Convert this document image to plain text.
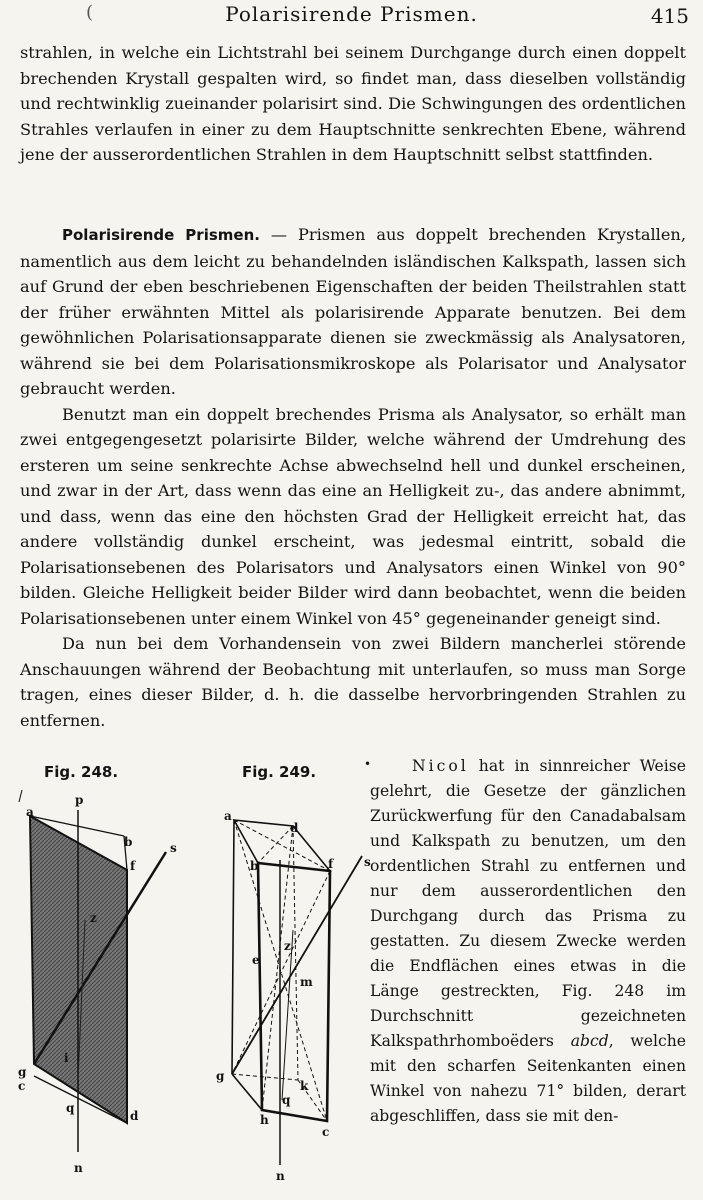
(	Polarisirende Prismen.	415

strahlen, in welche ein Lichtstrahl bei seinem Durchgange durch einen doppelt brechenden Krystall gespalten wird, so findet man, dass dieselben vollständig und rechtwinklig zueinander polarisirt sind. Die Schwingungen des ordentlichen Strahles verlaufen in einer zu dem Hauptschnitte senkrechten Ebene, während jene der ausserordentlichen Strahlen in dem Hauptschnitt selbst stattfinden.

Polarisirende Prismen. — Prismen aus doppelt brechenden Krystallen, namentlich aus dem leicht zu behandelnden isländischen Kalkspath, lassen sich auf Grund der eben beschriebenen Eigenschaften der beiden Theilstrahlen statt der früher erwähnten Mittel als polarisirende Apparate benutzen. Bei dem gewöhnlichen Polarisationsapparate dienen sie zweckmässig als Analysatoren, während sie bei dem Polarisationsmikroskope als Polarisator und Analysator gebraucht werden.

Benutzt man ein doppelt brechendes Prisma als Analysator, so erhält man zwei entgegengesetzt polarisirte Bilder, welche während der Umdrehung des ersteren um seine senkrechte Achse abwechselnd hell und dunkel erscheinen, und zwar in der Art, dass wenn das eine an Helligkeit zu-, das andere abnimmt, und dass, wenn das eine den höchsten Grad der Helligkeit erreicht hat, das andere vollständig dunkel erscheint, was jedesmal eintritt, sobald die Polarisationsebenen des Polarisators und Analysators einen Winkel von 90° bilden. Gleiche Helligkeit beider Bilder wird dann beobachtet, wenn die beiden Polarisationsebenen unter einem Winkel von 45° gegeneinander geneigt sind.

Da nun bei dem Vorhandensein von zwei Bildern mancherlei störende Anschauungen während der Beobachtung mit unterlaufen, so muss man Sorge tragen, eines dieser Bilder, d. h. die dasselbe hervorbringenden Strahlen zu entfernen.

Fig. 248.	Fig. 249.	•
p
a
b
f
s
z
i
g
c
q
d
n
a
d
b	f	s
z
e
m
g
k
q
h
c
n

Nicol hat in sinnreicher Weise gelehrt, die Gesetze der gänzlichen Zurückwerfung für den Canadabalsam und Kalkspath zu benutzen, um den ordentlichen Strahl zu entfernen und nur dem ausserordentlichen den Durchgang durch das Prisma zu gestatten. Zu diesem Zwecke werden die Endflächen eines etwas in die Länge gestreckten, Fig. 248 im Durchschnitt gezeichneten Kalkspathrhomboëders abcd, welche mit den scharfen Seitenkanten einen Winkel von nahezu 71° bilden, derart abgeschliffen, dass sie mit den-
